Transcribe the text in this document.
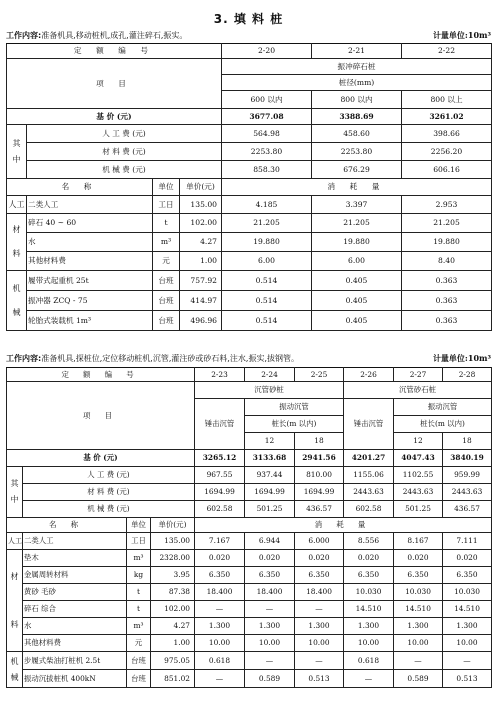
3. 填 料 桩
工作内容:准备机具,移动桩机,成孔,灌注碎石,振实。	计量单位:10m³
定 额 编 号				2-20	2-21	2-22
项 目				振冲碎石桩		
				桩径(mm)		
				600 以内	800 以内	800 以上
基 价 (元)				3677.08	3388.69	3261.02
其

中	人 工 费 (元)			564.98	458.60	398.66
	材 料 费 (元)			2253.80	2253.80	2256.20
	机 械 费 (元)			858.30	676.29	606.16
名 称		单位	单价(元)	消 耗 量		
人工	二类人工	工日	135.00	4.185	3.397	2.953
材

料	碎石 40 ~ 60	t	102.00	21.205	21.205	21.205
	水	m³	4.27	19.880	19.880	19.880
	其他材料费	元	1.00	6.00	6.00	8.40
机

械	履带式起重机 25t	台班	757.92	0.514	0.405	0.363
	振冲器 ZCQ - 75	台班	414.97	0.514	0.405	0.363
	轮胎式装载机 1m³	台班	496.96	0.514	0.405	0.363
工作内容:准备机具,探桩位,定位移动桩机,沉管,灌注砂或砂石料,注水,振实,拔钢管。	计量单位:10m³
定 额 编 号				2-23	2-24	2-25	2-26	2-27	2-28
项 目				沉管砂桩			沉管砂石桩		
				锤击沉管	振动沉管		锤击沉管	振动沉管	
					桩长(m 以内)			桩长(m 以内)	
					12	18		12	18
基 价 (元)				3265.12	3133.68	2941.56	4201.27	4047.43	3840.19
其

中	人 工 费 (元)			967.55	937.44	810.00	1155.06	1102.55	959.99
	材 料 费 (元)			1694.99	1694.99	1694.99	2443.63	2443.63	2443.63
	机 械 费 (元)			602.58	501.25	436.57	602.58	501.25	436.57
名 称		单位	单价(元)	消 耗 量					
人工	二类人工	工日	135.00	7.167	6.944	6.000	8.556	8.167	7.111
材

料	垫木	m³	2328.00	0.020	0.020	0.020	0.020	0.020	0.020
	金属周转材料	kg	3.95	6.350	6.350	6.350	6.350	6.350	6.350
	黄砂 毛砂	t	87.38	18.400	18.400	18.400	10.030	10.030	10.030
	碎石 综合	t	102.00	—	—	—	14.510	14.510	14.510
	水	m³	4.27	1.300	1.300	1.300	1.300	1.300	1.300
	其他材料费	元	1.00	10.00	10.00	10.00	10.00	10.00	10.00
机

械	步履式柴油打桩机 2.5t	台班	975.05	0.618	—	—	0.618	—	—
	振动沉拔桩机 400kN	台班	851.02	—	0.589	0.513	—	0.589	0.513
